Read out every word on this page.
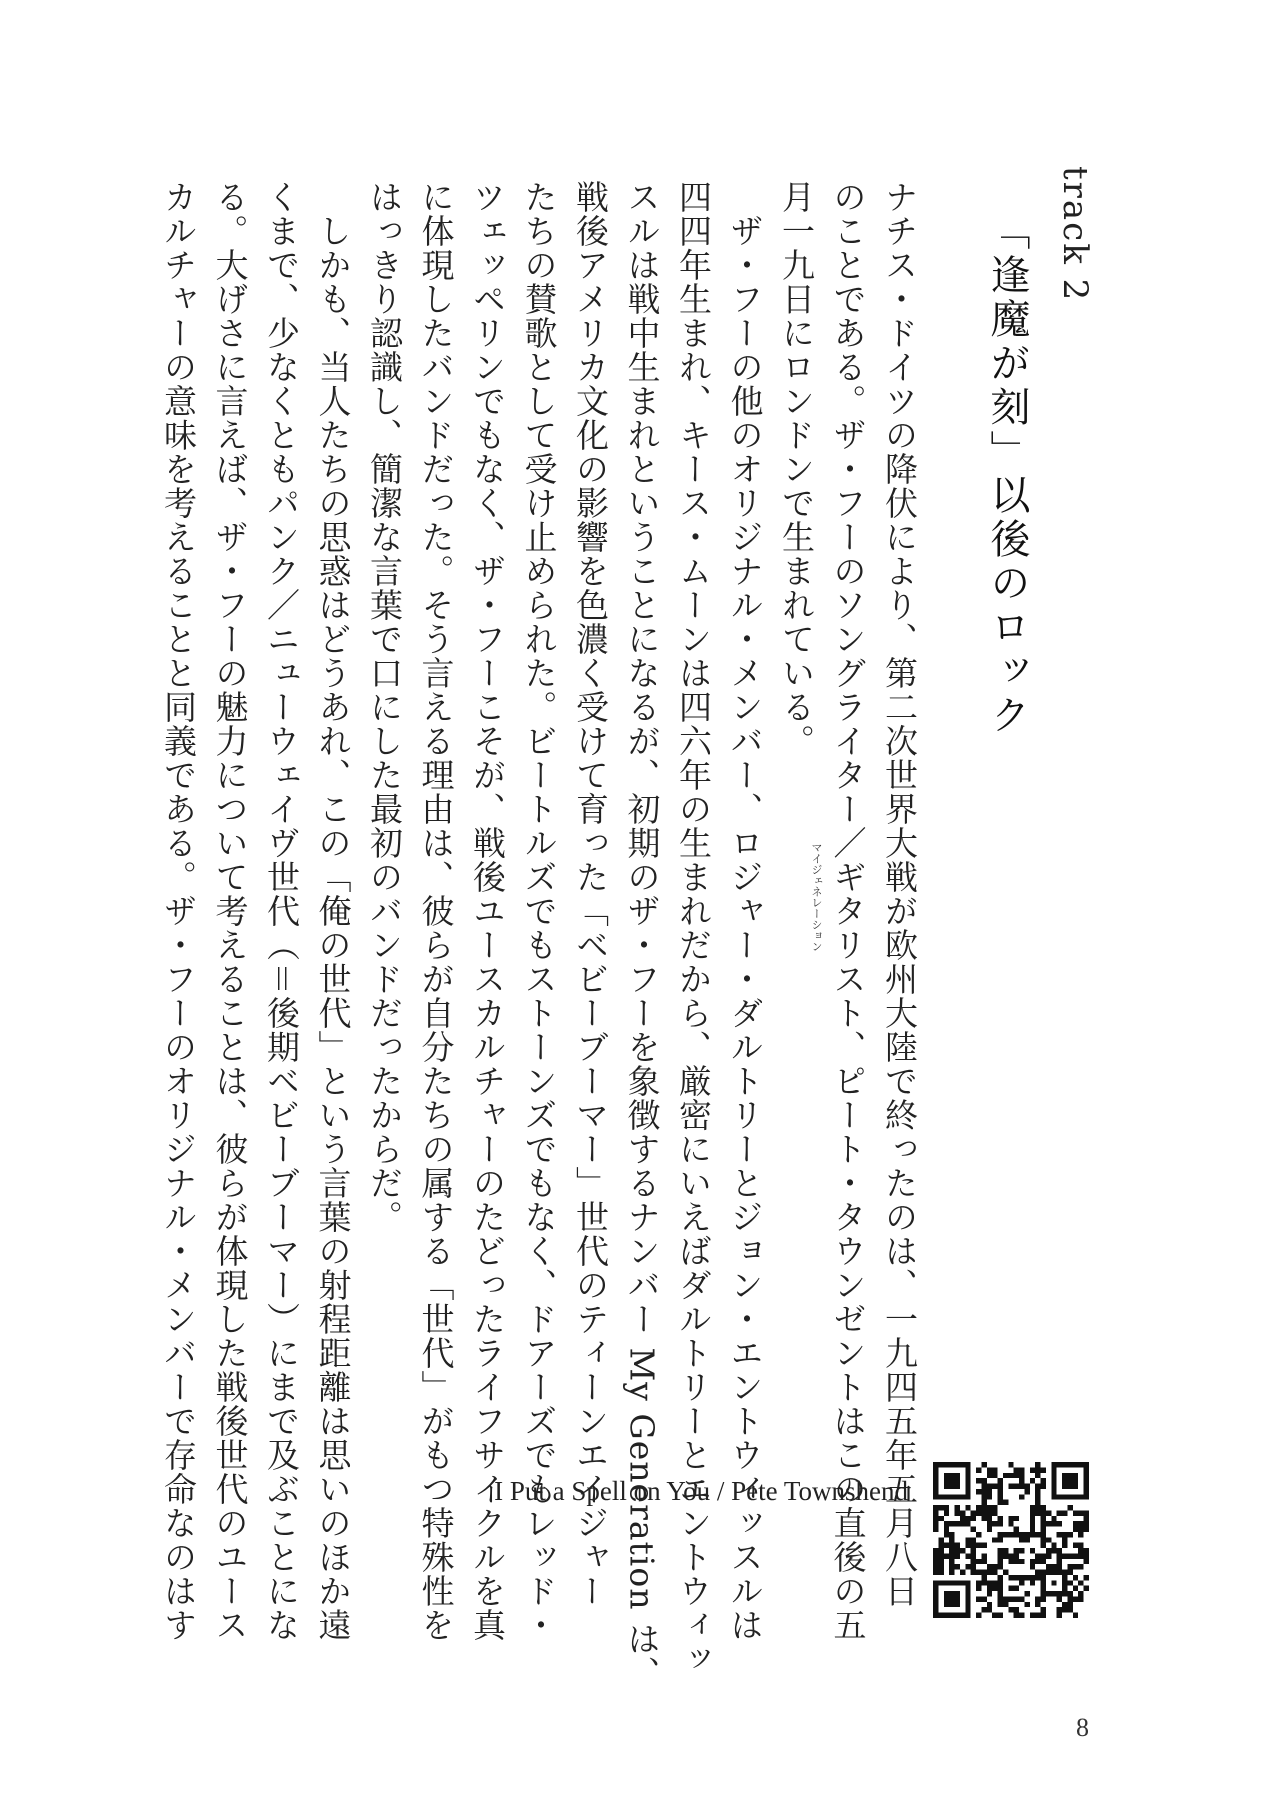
track 2
「逢魔が刻」以後のロック
ナチス・ドイツの降伏により、第二次世界大戦が欧州大陸で終ったのは、一九四五年五月八日
のことである。ザ・フーのソングライター／ギタリスト、ピート・タウンゼントはこの直後の五
月一九日にロンドンで生まれている。
　ザ・フーの他のオリジナル・メンバー、ロジャー・ダルトリーとジョン・エントウィッスルは
四四年生まれ、キース・ムーンは四六年の生まれだから、厳密にいえばダルトリーとエントウィッ
スルは戦中生まれということになるが、初期のザ・フーを象徴するナンバー My Generation は、
戦後アメリカ文化の影響を色濃く受けて育った「ベビーブーマー」世代のティーンエイジャー
たちの賛歌として受け止められた。ビートルズでもストーンズでもなく、ドアーズでもレッド・
ツェッペリンでもなく、ザ・フーこそが、戦後ユースカルチャーのたどったライフサイクルを真
に体現したバンドだった。そう言える理由は、彼らが自分たちの属する「世代」がもつ特殊性を
はっきり認識し、簡潔な言葉で口にした最初のバンドだったからだ。
　しかも、当人たちの思惑はどうあれ、この「俺の世代」という言葉の射程距離は思いのほか遠
くまで、少なくともパンク／ニューウェイヴ世代（＝後期ベビーブーマー）にまで及ぶことにな
る。大げさに言えば、ザ・フーの魅力について考えることは、彼らが体現した戦後世代のユース
カルチャーの意味を考えることと同義である。ザ・フーのオリジナル・メンバーで存命なのはす	マイジェネレーション
I Put a Spell on You / Pete Townshend
8
